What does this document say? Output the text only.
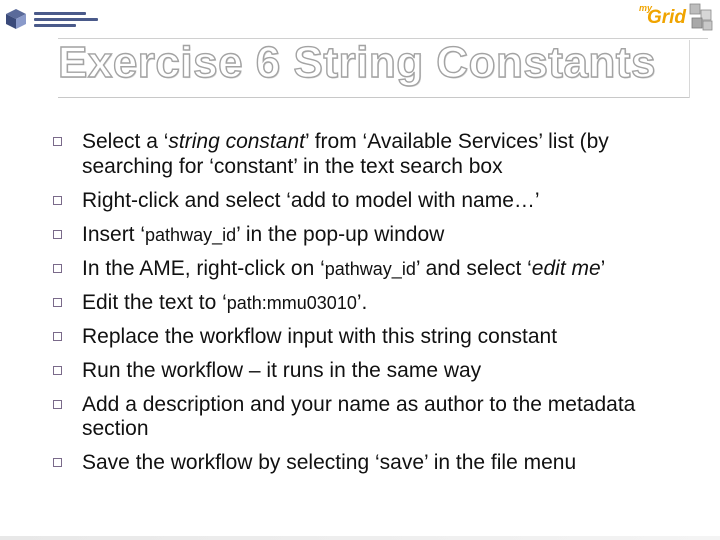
my
Grid
Exercise 6 String Constants
Select a ‘string constant’ from ‘Available Services’ list (by searching for ‘constant’ in the text search box
Right-click and select ‘add to model with name…’
Insert ‘pathway_id’ in the pop-up window
In the AME, right-click on ‘pathway_id’ and select ‘edit me’
Edit the text to ‘path:mmu03010’.
Replace the workflow input with this string constant
Run the workflow – it runs in the same way
Add a description and your name as author to the metadata section
Save the workflow by selecting ‘save’ in the file menu
